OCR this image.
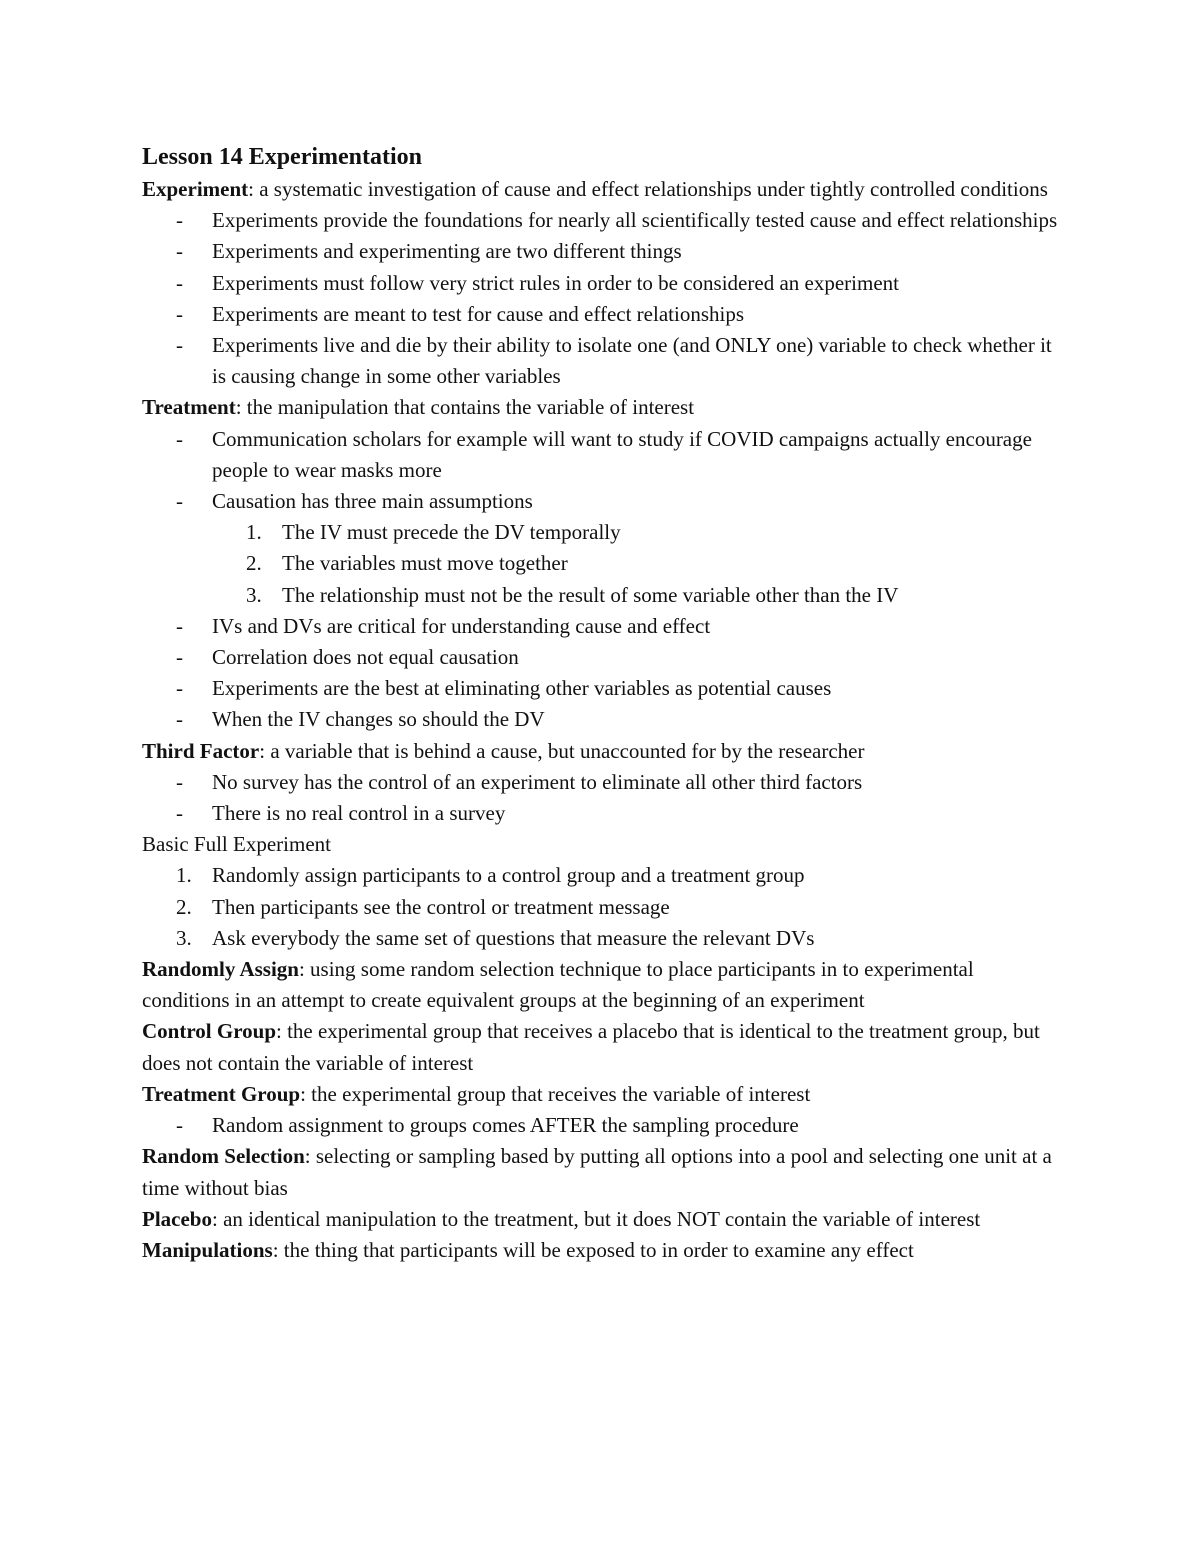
Lesson 14 Experimentation

Experiment: a systematic investigation of cause and effect relationships under tightly controlled conditions

- Experiments provide the foundations for nearly all scientifically tested cause and effect relationships
- Experiments and experimenting are two different things
- Experiments must follow very strict rules in order to be considered an experiment
- Experiments are meant to test for cause and effect relationships
- Experiments live and die by their ability to isolate one (and ONLY one) variable to check whether it is causing change in some other variables

Treatment: the manipulation that contains the variable of interest

- Communication scholars for example will want to study if COVID campaigns actually encourage people to wear masks more
- Causation has three main assumptions
1. The IV must precede the DV temporally
2. The variables must move together
3. The relationship must not be the result of some variable other than the IV
- IVs and DVs are critical for understanding cause and effect
- Correlation does not equal causation
- Experiments are the best at eliminating other variables as potential causes
- When the IV changes so should the DV

Third Factor: a variable that is behind a cause, but unaccounted for by the researcher

- No survey has the control of an experiment to eliminate all other third factors
- There is no real control in a survey

Basic Full Experiment

1. Randomly assign participants to a control group and a treatment group
2. Then participants see the control or treatment message
3. Ask everybody the same set of questions that measure the relevant DVs

Randomly Assign: using some random selection technique to place participants in to experimental conditions in an attempt to create equivalent groups at the beginning of an experiment

Control Group: the experimental group that receives a placebo that is identical to the treatment group, but does not contain the variable of interest

Treatment Group: the experimental group that receives the variable of interest

- Random assignment to groups comes AFTER the sampling procedure

Random Selection: selecting or sampling based by putting all options into a pool and selecting one unit at a time without bias

Placebo: an identical manipulation to the treatment, but it does NOT contain the variable of interest

Manipulations: the thing that participants will be exposed to in order to examine any effect
